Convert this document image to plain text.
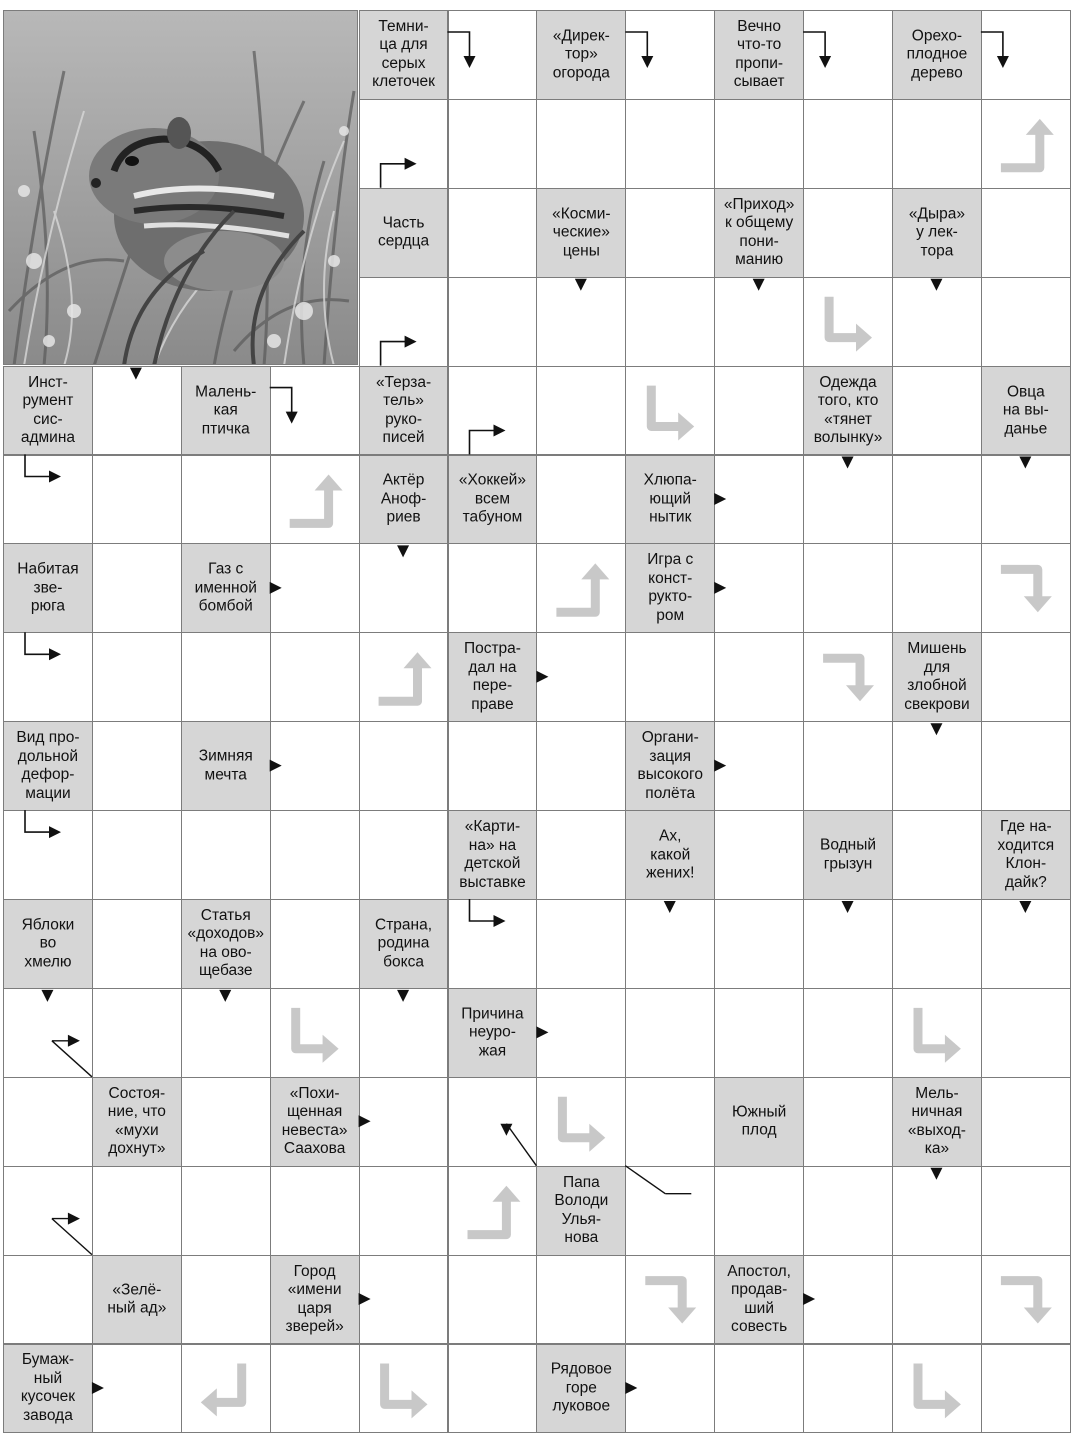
Темни-
ца для
серых
клеточек
«Дирек-
тор»
огорода
Вечно
что-то
пропи-
сывает
Орехо-
плодное
дерево
Часть
сердца
«Косми-
ческие»
цены
«Приход»
к общему
пони-
манию
«Дыра»
у лек-
тора
Инст-
румент
сис-
админа
Малень-
кая
птичка
«Терза-
тель»
руко-
писей
Одежда
того, кто
«тянет
волынку»
Овца
на вы-
данье
Актёр
Аноф-
риев
«Хоккей»
всем
табуном
Хлюпа-
ющий
нытик
Набитая
зве-
рюга
Газ с
именной
бомбой
Игра с
конст-
рукто-
ром
Постра-
дал на
пере-
праве
Мишень
для
злобной
свекрови
Вид про-
дольной
дефор-
мации
Зимняя
мечта
Органи-
зация
высокого
полёта
«Карти-
на» на
детской
выставке
Ах,
какой
жених!
Водный
грызун
Где на-
ходится
Клон-
дайк?
Яблоки
во
хмелю
Статья
«доходов»
на ово-
щебазе
Страна,
родина
бокса
Причина
неуро-
жая
Состоя-
ние, что
«мухи
дохнут»
«Похи-
щенная
невеста»
Саахова
Южный
плод
Мель-
ничная
«выход-
ка»
Папа
Володи
Улья-
нова
«Зелё-
ный ад»
Город
«имени
царя
зверей»
Апостол,
продав-
ший
совесть
Бумаж-
ный
кусочек
завода
Рядовое
горе
луковое
